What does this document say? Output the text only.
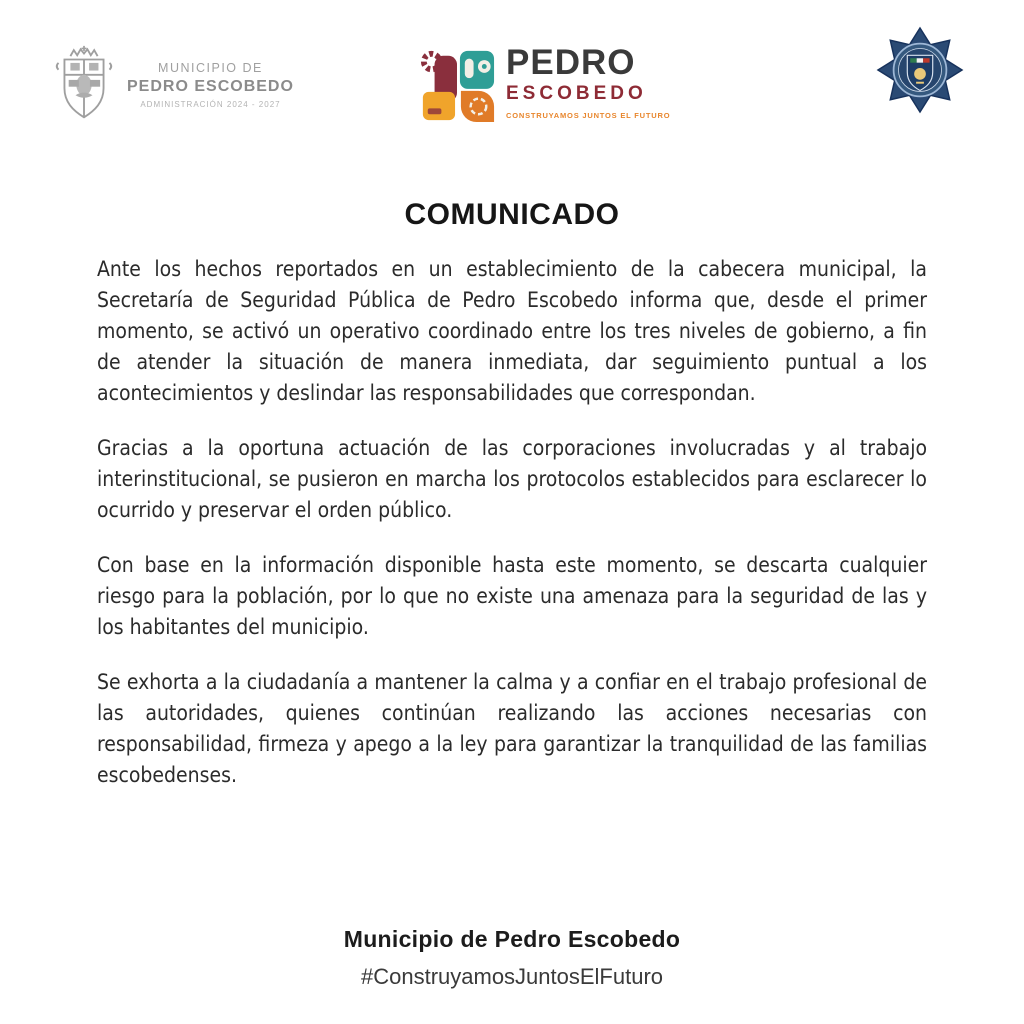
MUNICIPIO DE
PEDRO ESCOBEDO
ADMINISTRACIÓN 2024 - 2027
PEDRO
ESCOBEDO
CONSTRUYAMOS JUNTOS EL FUTURO
COMUNICADO

Ante los hechos reportados en un establecimiento de la cabecera municipal, la Secretaría de Seguridad Pública de Pedro Escobedo informa que, desde el primer momento, se activó un operativo coordinado entre los tres niveles de gobierno, a fin de atender la situación de manera inmediata, dar seguimiento puntual a los acontecimientos y deslindar las responsabilidades que correspondan.

Gracias a la oportuna actuación de las corporaciones involucradas y al trabajo interinstitucional, se pusieron en marcha los protocolos establecidos para esclarecer lo ocurrido y preservar el orden público.

Con base en la información disponible hasta este momento, se descarta cualquier riesgo para la población, por lo que no existe una amenaza para la seguridad de las y los habitantes del municipio.

Se exhorta a la ciudadanía a mantener la calma y a confiar en el trabajo profesional de las autoridades, quienes continúan realizando las acciones necesarias con responsabilidad, firmeza y apego a la ley para garantizar la tranquilidad de las familias escobedenses.

Municipio de Pedro Escobedo
#ConstruyamosJuntosElFuturo
